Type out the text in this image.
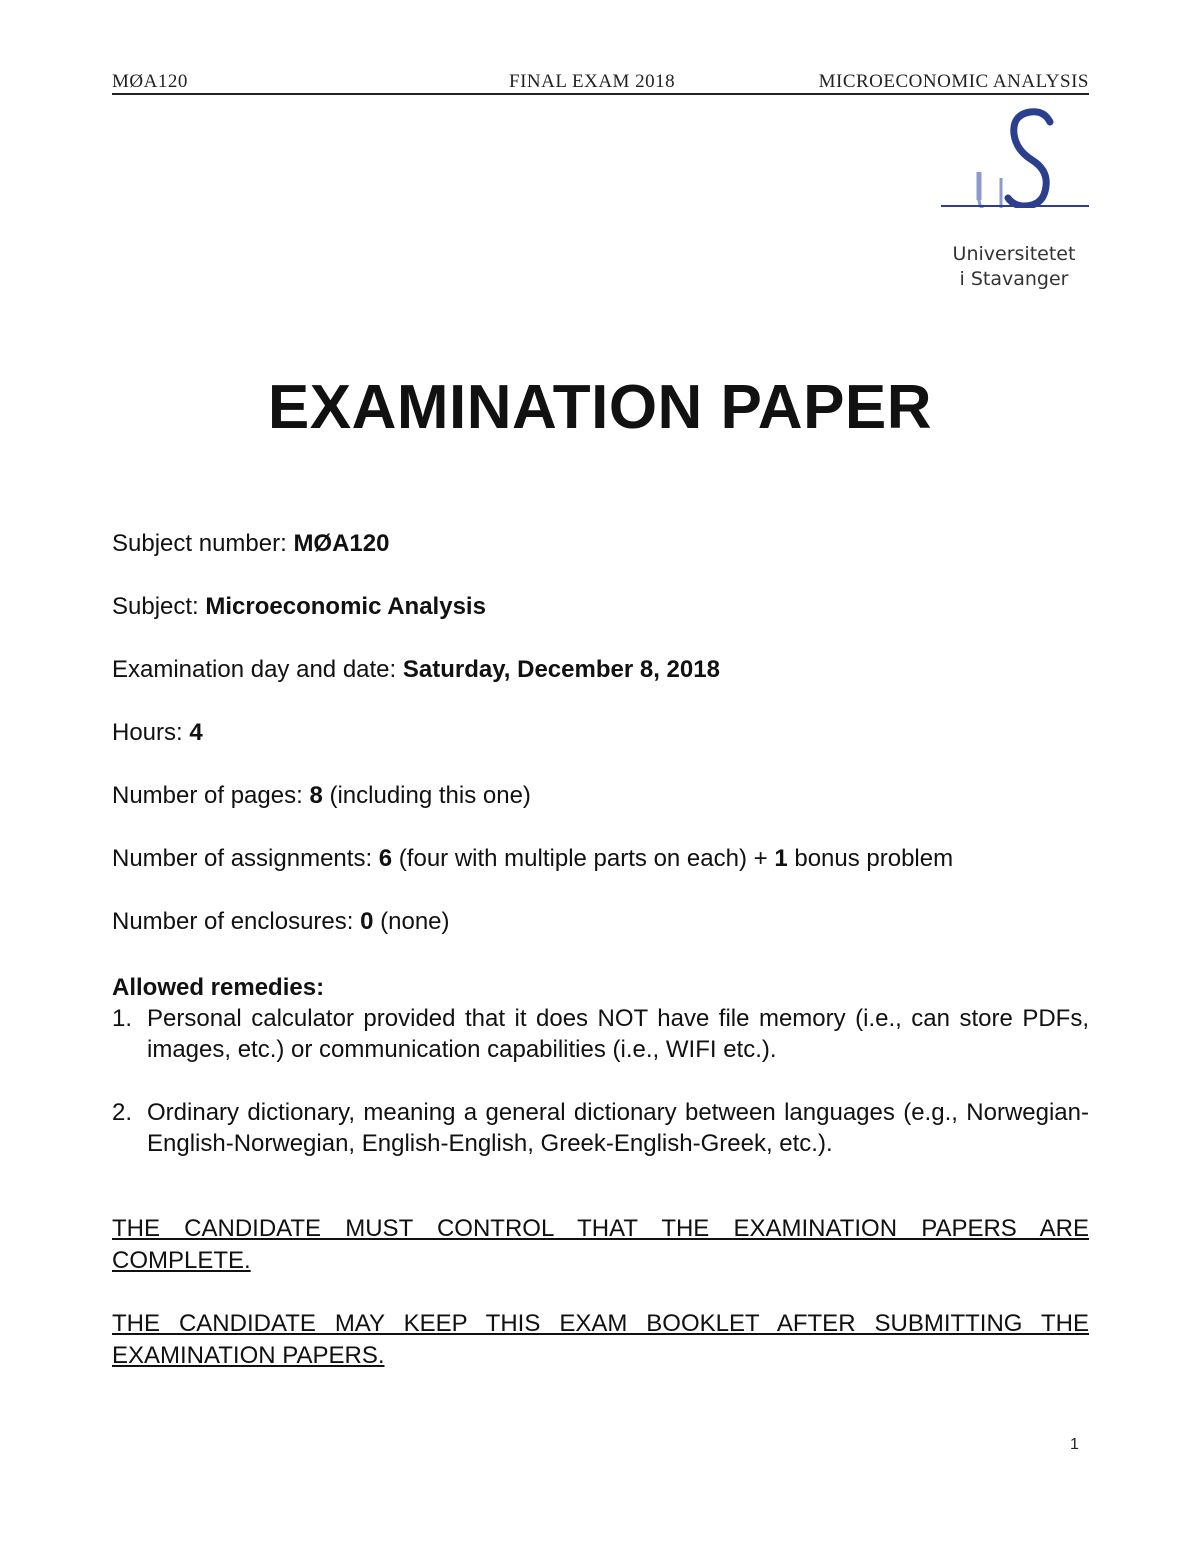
MØA120	FINAL EXAM 2018	MICROECONOMIC ANALYSIS
Universitetet
i Stavanger
EXAMINATION PAPER
Subject number: MØA120
Subject: Microeconomic Analysis
Examination day and date: Saturday, December 8, 2018
Hours: 4
Number of pages: 8 (including this one)
Number of assignments: 6 (four with multiple parts on each) + 1 bonus problem
Number of enclosures: 0 (none)
Allowed remedies:
1. Personal calculator provided that it does NOT have file memory (i.e., can store PDFs, images, etc.) or communication capabilities (i.e., WIFI etc.).
2. Ordinary dictionary, meaning a general dictionary between languages (e.g., Norwegian-English-Norwegian, English-English, Greek-English-Greek, etc.).
THE CANDIDATE MUST CONTROL THAT THE EXAMINATION PAPERS ARE COMPLETE.
THE CANDIDATE MAY KEEP THIS EXAM BOOKLET AFTER SUBMITTING THE EXAMINATION PAPERS.
1
